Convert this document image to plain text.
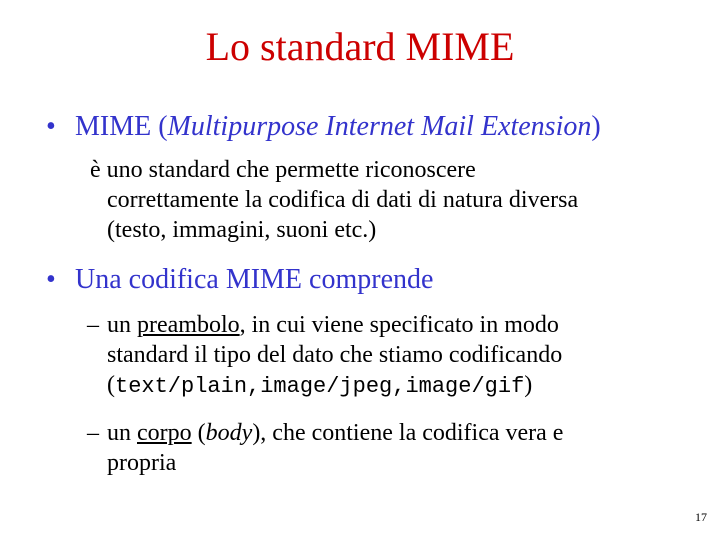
Lo standard MIME
• MIME (Multipurpose Internet Mail Extension)
è uno standard che permette riconoscere
correttamente la codifica di dati di natura diversa
(testo, immagini, suoni etc.)
• Una codifica MIME comprende
– un preambolo, in cui viene specificato in modo
standard il tipo del dato che stiamo codificando
(text/plain,image/jpeg,image/gif)
– un corpo (body), che contiene la codifica vera e
propria
17
